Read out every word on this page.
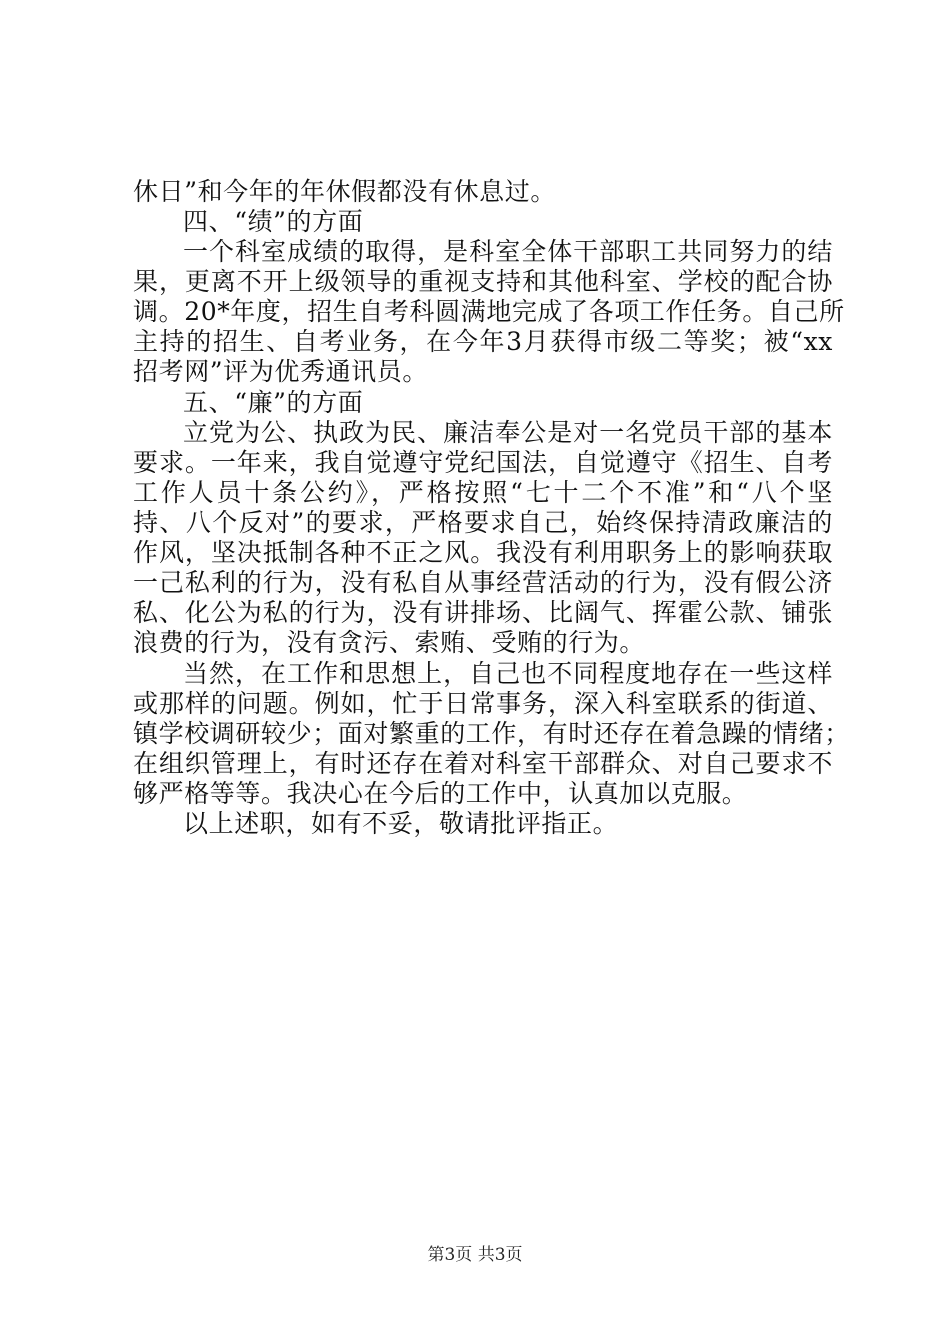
休日”和今年的年休假都没有休息过。
四、“绩”的方面
一个科室成绩的取得，是科室全体干部职工共同努力的结
果，更离不开上级领导的重视支持和其他科室、学校的配合协
调。20*年度，招生自考科圆满地完成了各项工作任务。自己所
主持的招生、自考业务，在今年3月获得市级二等奖；被“xx
招考网”评为优秀通讯员。
五、“廉”的方面
立党为公、执政为民、廉洁奉公是对一名党员干部的基本
要求。一年来，我自觉遵守党纪国法，自觉遵守《招生、自考
工作人员十条公约》，严格按照“七十二个不准”和“八个坚
持、八个反对”的要求，严格要求自己，始终保持清政廉洁的
作风，坚决抵制各种不正之风。我没有利用职务上的影响获取
一己私利的行为，没有私自从事经营活动的行为，没有假公济
私、化公为私的行为，没有讲排场、比阔气、挥霍公款、铺张
浪费的行为，没有贪污、索贿、受贿的行为。
当然，在工作和思想上，自己也不同程度地存在一些这样
或那样的问题。例如，忙于日常事务，深入科室联系的街道、
镇学校调研较少；面对繁重的工作，有时还存在着急躁的情绪；
在组织管理上，有时还存在着对科室干部群众、对自己要求不
够严格等等。我决心在今后的工作中，认真加以克服。
以上述职，如有不妥，敬请批评指正。
第3页 共3页
